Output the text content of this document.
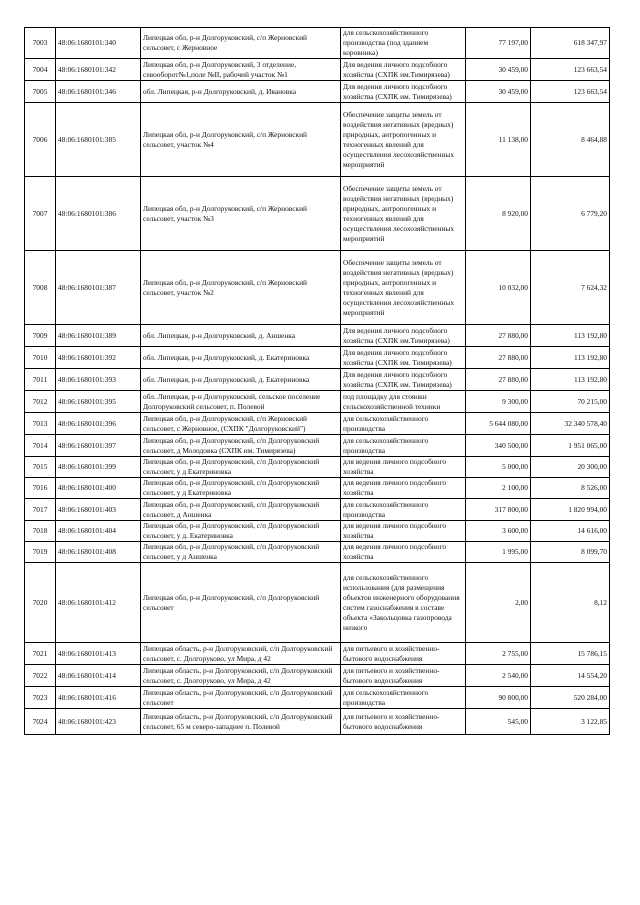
7003	48:06:1680101:340	Липецкая обл, р-н Долгоруковский, с/п Жерновский сельсовет, с Жерновное	для сельскохозяйственного производства (под зданием коровника)	77 197,00	618 347,97
7004	48:06:1680101:342	Липецкая обл, р-н Долгоруковский, 3 отделение, севооборот№1,поле №II, рабочий участок №1	Для ведения личного подсобного хозяйства (СХПК им.Тимирязева)	30 459,00	123 663,54
7005	48:06:1680101:346	обл. Липецкая, р-н Долгоруковский, д. Ивановка	Для ведения личного подсобного хозяйства (СХПК им. Тимирязева)	30 459,00	123 663,54
7006	48:06:1680101:385	Липецкая обл, р-н Долгоруковский, с/п Жерновский сельсовет, участок №4	Обеспечение защиты земель от воздействия негативных (вредных) природных, антропогенных и техногенных явлений для осуществления лесохозяйственных мероприятий	11 138,00	8 464,88
7007	48:06:1680101:386	Липецкая обл, р-н Долгоруковский, с/п Жерновский сельсовет, участок №3	Обеспечение защиты земель от воздействия негативных (вредных) природных, антропогенных и техногенных явлений для осуществления лесохозяйственных мероприятий	8 920,00	6 779,20
7008	48:06:1680101:387	Липецкая обл, р-н Долгоруковский, с/п Жерновский сельсовет, участок №2	Обеспечение защиты земель от воздействия негативных (вредных) природных, антропогенных и техногенных явлений для осуществления лесохозяйственных мероприятий	10 032,00	7 624,32
7009	48:06:1680101:389	обл. Липецкая, р-н Долгоруковский, д. Аншенка	Для ведения личного подсобного хозяйства (СХПК им.Тимирязева)	27 880,00	113 192,80
7010	48:06:1680101:392	обл. Липецкая, р-н Долгоруковский, д. Екатериновка	Для ведения личного подсобного хозяйства (СХПК им. Тимирязева)	27 880,00	113 192,80
7011	48:06:1680101:393	обл. Липецкая, р-н Долгоруковский, д. Екатериновка	Для ведения личного подсобного хозяйства (СХПК им. Тимирязева)	27 880,00	113 192,80
7012	48:06:1680101:395	обл. Липецкая, р-н Долгоруковский, сельское поселение Долгоруковский сельсовет, п. Полевой	под площадку для стоянки сельскохозяйственной техники	9 300,00	70 215,00
7013	48:06:1680101:396	Липецкая обл, р-н Долгоруковский, с/п Жерновский сельсовет, с Жерновное, (СХПК "Долгоруковский")	для сельскохозяйственного производства	5 644 080,00	32 340 578,40
7014	48:06:1680101:397	Липецкая обл, р-н Долгоруковский, с/п Долгоруковский сельсовет, д Молодовка (СХПК им. Тимирязева)	для сельскохозяйственного производства	340 500,00	1 951 065,00
7015	48:06:1680101:399	Липецкая обл, р-н Долгоруковский, с/п Долгоруковский сельсовет, у д Екатериновка	для ведения личного подсобного хозяйства	5 000,00	20 300,00
7016	48:06:1680101:400	Липецкая обл, р-н Долгоруковский, с/п Долгоруковский сельсовет, у д Екатериновка	для ведения личного подсобного хозяйства	2 100,00	8 526,00
7017	48:06:1680101:403	Липецкая обл, р-н Долгоруковский, с/п Долгоруковский сельсовет, д Аншенка	для сельскохозяйственного производства	317 800,00	1 820 994,00
7018	48:06:1680101:404	Липецкая обл, р-н Долгоруковский, с/п Долгоруковский сельсовет, у д. Екатериновка	для ведения личного подсобного хозяйства	3 600,00	14 616,00
7019	48:06:1680101:408	Липецкая обл, р-н Долгоруковский, с/п Долгоруковский сельсовет, у д Аншенка	для ведения личного подсобного хозяйства	1 995,00	8 099,70
7020	48:06:1680101:412	Липецкая обл, р-н Долгоруковский, с/п Долгоруковский сельсовет	для сельскохозяйственного использования (для размещения объектов инженерного оборудования систем газоснабжения в составе объекта «Закольцовка газопровода низкого	2,00	8,12
7021	48:06:1680101:413	Липецкая область, р-н Долгоруковский, с/п Долгоруковский сельсовет, с. Долгоруково, ул Мира, д 42	для питьевого и хозяйственно-бытового водоснабжения	2 755,00	15 786,15
7022	48:06:1680101:414	Липецкая область, р-н Долгоруковский, с/п Долгоруковский сельсовет, с. Долгоруково, ул Мира, д 42	для питьевого и хозяйственно-бытового водоснабжения	2 540,00	14 554,20
7023	48:06:1680101:416	Липецкая область, р-н Долгоруковский, с/п Долгоруковский сельсовет	для сельскохозяйственного производства	90 800,00	520 284,00
7024	48:06:1680101:423	Липецкая область, р-н Долгоруковский, с/п Долгоруковский сельсовет, 65 м северо-западнее п. Полевой	для питьевого и хозяйственно-бытового водоснабжения	545,00	3 122,85
